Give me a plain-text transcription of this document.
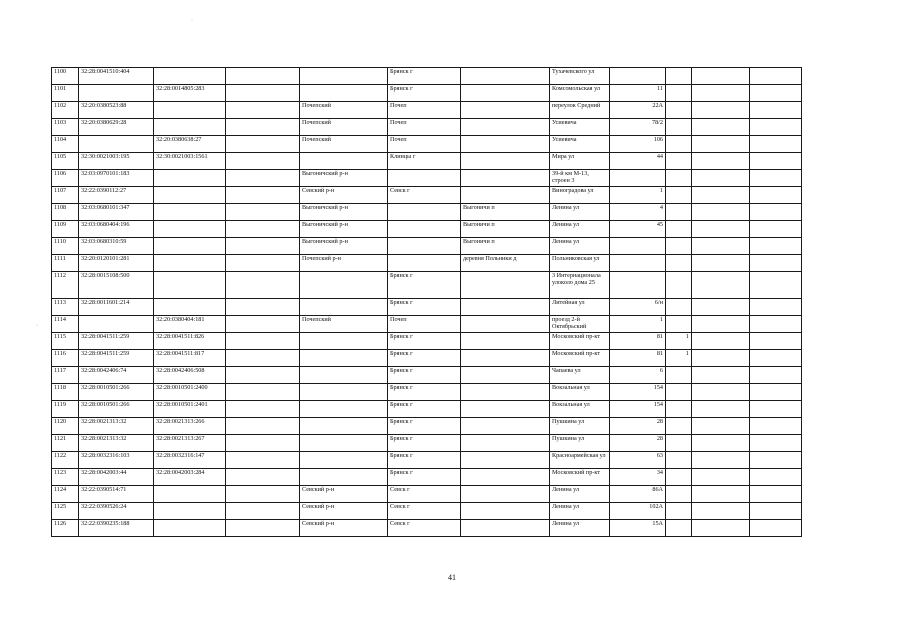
1100	32:28:0041510:404				Брянск г		Тухачевского ул				
1101		32:28:0014805:283			Брянск г		Комсомольская ул	11			
1102	32:20:0380523:88			Почепский	Почеп		переулок Средний	22А			
1103	32:20:0380629:28			Почепский	Почеп		Усиевича	78/2			
1104		32:20:0380638:27		Почепский	Почеп		Усиевича	106			
1105	32:30:0021003:195	32:30:0021003:1561			Клинцы г		Мира ул	44			
1106	32:03:0970101:183			Выгоничский р-н			39-й км М-13, строен 3				
1107	32:22:0390112:27			Севский р-н	Севск г		Виноградова ул	1			
1108	32:03:0680101:347			Выгоничский р-н		Выгоничи п	Ленина ул	4			
1109	32:03:0680404:196			Выгоничский р-н		Выгоничи п	Ленина ул	45			
1110	32:03:0680310:59			Выгоничский р-н		Выгоничи п	Ленина ул				
1111	32:20:0120101:281			Почепский р-н		деревня Польники д	Польниковская ул				
1112	32:28:0015108:500				Брянск г		3 Интернационала улоколо дома 25				
1113	32:28:0011601:214				Брянск г		Литейная ул	6/н			
1114		32:20:0380404:181		Почепский	Почеп		проезд 2-й Октябрьский	1			
1115	32:28:0041511:259	32:28:0041511:826			Брянск г		Московский пр-кт	81	1		
1116	32:28:0041511:259	32:28:0041511:817			Брянск г		Московский пр-кт	81	1		
1117	32:28:0042406:74	32:28:0042406:508			Брянск г		Чапаева ул	6			
1118	32:28:0010501:266	32:28:0010501:2400			Брянск г		Вокзальная ул	154			
1119	32:28:0010501:266	32:28:0010501:2401			Брянск г		Вокзальная ул	154			
1120	32:28:0021313:32	32:28:0021313:266			Брянск г		Пушкина ул	28			
1121	32:28:0021313:32	32:28:0021313:267			Брянск г		Пушкина ул	28			
1122	32:28:0032316:103	32:28:0032316:147			Брянск г		Красноармейская ул	63			
1123	32:28:0042003:44	32:28:0042003:284			Брянск г		Московский пр-кт	34			
1124	32:22:0390514:71			Севский р-н	Севск г		Ленина ул	86А			
1125	32:22:0390526:24			Севский р-н	Севск г		Ленина ул	102А			
1126	32:22:0390235:188			Севский р-н	Севск г		Ленина ул	15А			
41
ˈ
·
